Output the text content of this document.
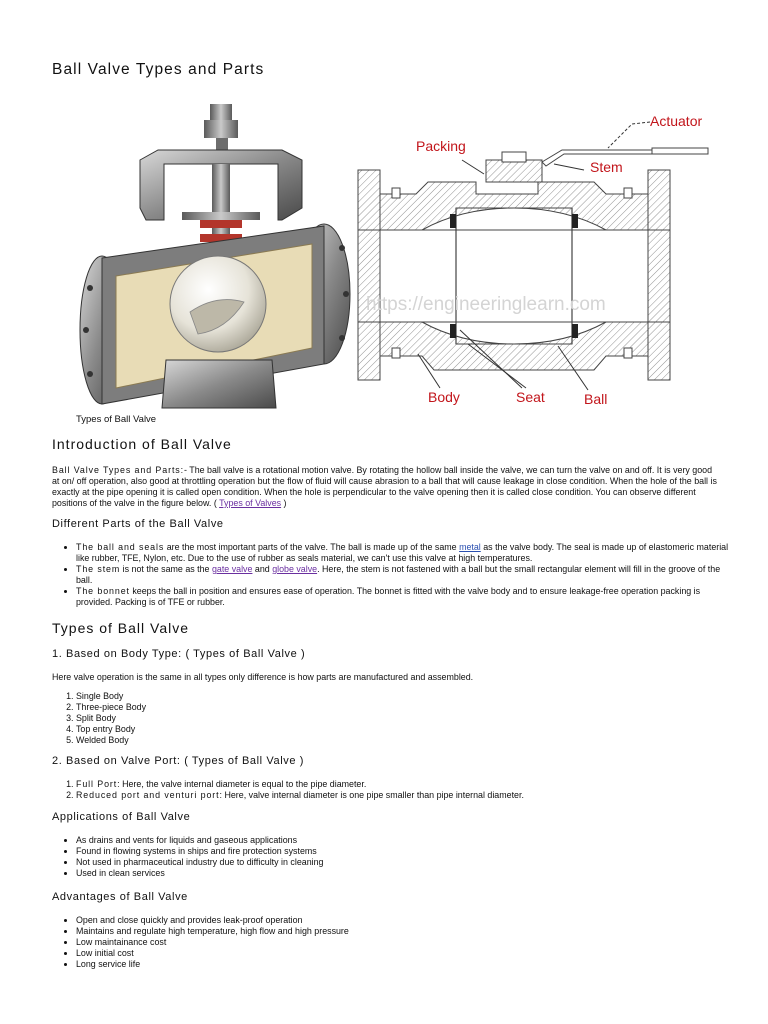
Ball Valve Types and Parts
https://engineeringlearn.com
Actuator
Packing
Stem
Body	Seat	Ball
Types of Ball Valve
Introduction of Ball Valve

Ball Valve Types and Parts:- The ball valve is a rotational motion valve. By rotating the hollow ball inside the valve, we can turn the valve on and off. It is very good at on/ off operation, also good at throttling operation but the flow of fluid will cause abrasion to a ball that will cause leakage in close condition. When the hole of the ball is exactly at the pipe opening it is called open condition. When the hole is perpendicular to the valve opening then it is called close condition. You can observe different positions of the valve in the figure below. ( Types of Valves )

Different Parts of the Ball Valve
• The ball and seals are the most important parts of the valve. The ball is made up of the same metal as the valve body. The seal is made up of elastomeric material like rubber, TFE, Nylon, etc. Due to the use of rubber as seals material, we can't use this valve at high temperatures.
• The stem is not the same as the gate valve and globe valve. Here, the stem is not fastened with a ball but the small rectangular element will fill in the groove of the ball.
• The bonnet keeps the ball in position and ensures ease of operation. The bonnet is fitted with the valve body and to ensure leakage-free operation packing is provided. Packing is of TFE or rubber.
Types of Ball Valve
1. Based on Body Type: ( Types of Ball Valve )

Here valve operation is the same in all types only difference is how parts are manufactured and assembled.

1. Single Body
2. Three-piece Body
3. Split Body
4. Top entry Body
5. Welded Body
2. Based on Valve Port: ( Types of Ball Valve )
1. Full Port: Here, the valve internal diameter is equal to the pipe diameter.
2. Reduced port and venturi port: Here, valve internal diameter is one pipe smaller than pipe internal diameter.
Applications of Ball Valve
• As drains and vents for liquids and gaseous applications
• Found in flowing systems in ships and fire protection systems
• Not used in pharmaceutical industry due to difficulty in cleaning
• Used in clean services
Advantages of Ball Valve
• Open and close quickly and provides leak-proof operation
• Maintains and regulate high temperature, high flow and high pressure
• Low maintainance cost
• Low initial cost
• Long service life
